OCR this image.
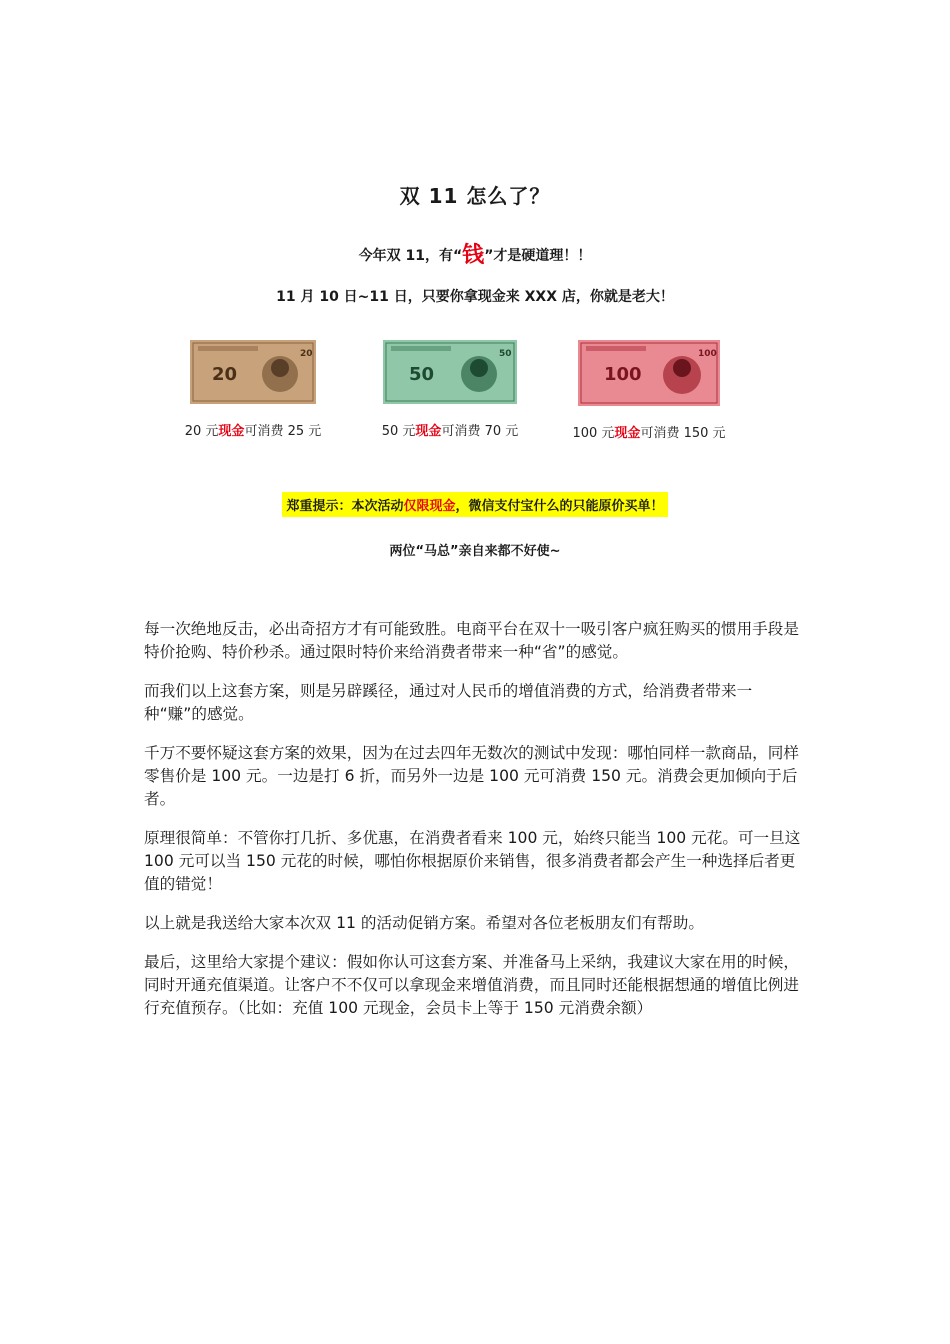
双 11 怎么了？
今年双 11，有“钱”才是硬道理！！
11 月 10 日~11 日，只要你拿现金来 XXX 店，你就是老大！
20
20
20 元现金可消费 25 元
50
50
50 元现金可消费 70 元
100
100
100 元现金可消费 150 元
郑重提示：本次活动仅限现金，微信支付宝什么的只能原价买单！
两位“马总”亲自来都不好使~

每一次绝地反击，必出奇招方才有可能致胜。电商平台在双十一吸引客户疯狂购买的惯用手段是特价抢购、特价秒杀。通过限时特价来给消费者带来一种“省”的感觉。

而我们以上这套方案，则是另辟蹊径，通过对人民币的增值消费的方式，给消费者带来一种“赚”的感觉。

千万不要怀疑这套方案的效果，因为在过去四年无数次的测试中发现：哪怕同样一款商品，同样零售价是 100 元。一边是打 6 折，而另外一边是 100 元可消费 150 元。消费会更加倾向于后者。

原理很简单：不管你打几折、多优惠，在消费者看来 100 元，始终只能当 100 元花。可一旦这 100 元可以当 150 元花的时候，哪怕你根据原价来销售，很多消费者都会产生一种选择后者更值的错觉！

以上就是我送给大家本次双 11 的活动促销方案。希望对各位老板朋友们有帮助。

最后，这里给大家提个建议：假如你认可这套方案、并准备马上采纳，我建议大家在用的时候，同时开通充值渠道。让客户不不仅可以拿现金来增值消费，而且同时还能根据想通的增值比例进行充值预存。（比如：充值 100 元现金，会员卡上等于 150 元消费余额）
